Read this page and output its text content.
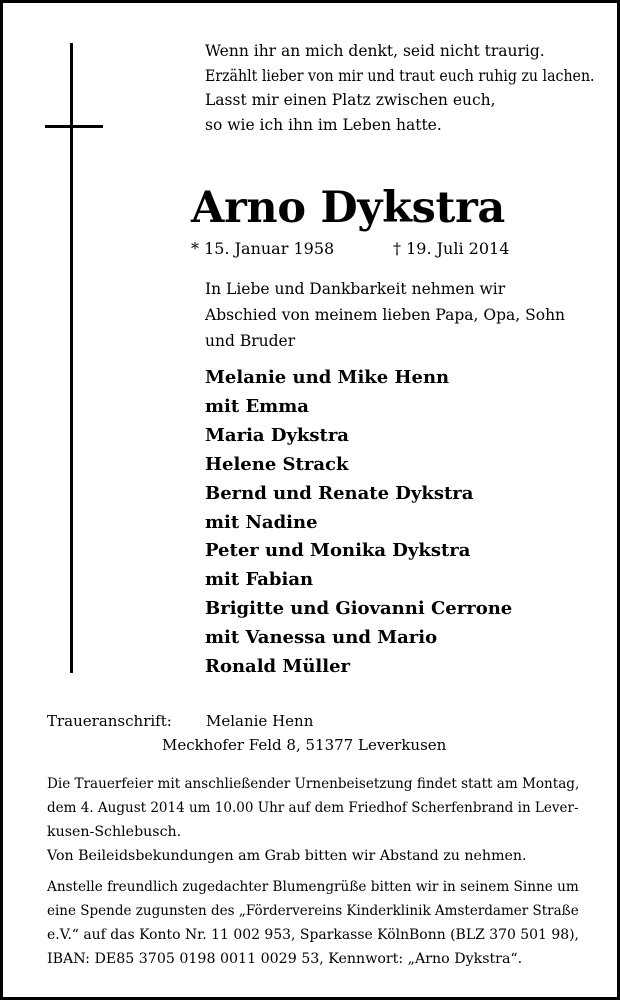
Wenn ihr an mich denkt, seid nicht traurig.
Erzählt lieber von mir und traut euch ruhig zu lachen.
Lasst mir einen Platz zwischen euch,
so wie ich ihn im Leben hatte.
Arno Dykstra
* 15. Januar 1958	† 19. Juli 2014
In Liebe und Dankbarkeit nehmen wir
Abschied von meinem lieben Papa, Opa, Sohn
und Bruder
Melanie und Mike Henn
mit Emma
Maria Dykstra
Helene Strack
Bernd und Renate Dykstra
mit Nadine
Peter und Monika Dykstra
mit Fabian
Brigitte und Giovanni Cerrone
mit Vanessa und Mario
Ronald Müller
Traueranschrift: Melanie Henn
Meckhofer Feld 8, 51377 Leverkusen
Die Trauerfeier mit anschließender Urnenbeisetzung findet statt am Montag,
dem 4. August 2014 um 10.00 Uhr auf dem Friedhof Scherfenbrand in Lever-
kusen-Schlebusch.
Von Beileidsbekundungen am Grab bitten wir Abstand zu nehmen.
Anstelle freundlich zugedachter Blumengrüße bitten wir in seinem Sinne um
eine Spende zugunsten des „Fördervereins Kinderklinik Amsterdamer Straße
e.V.“ auf das Konto Nr. 11 002 953, Sparkasse KölnBonn (BLZ 370 501 98),
IBAN: DE85 3705 0198 0011 0029 53, Kennwort: „Arno Dykstra“.
